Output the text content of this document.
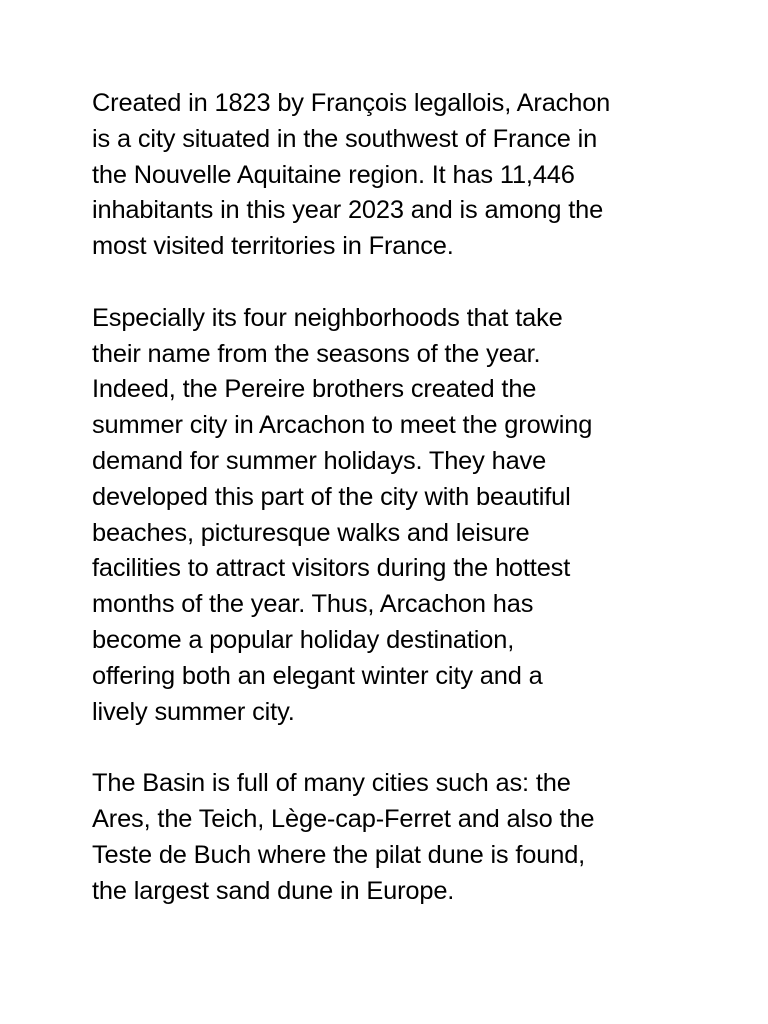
Created in 1823 by François legallois, Arachon
is a city situated in the southwest of France in
the Nouvelle Aquitaine region. It has 11,446
inhabitants in this year 2023 and is among the
most visited territories in France.

Especially its four neighborhoods that take
their name from the seasons of the year.
Indeed, the Pereire brothers created the
summer city in Arcachon to meet the growing
demand for summer holidays. They have
developed this part of the city with beautiful
beaches, picturesque walks and leisure
facilities to attract visitors during the hottest
months of the year. Thus, Arcachon has
become a popular holiday destination,
offering both an elegant winter city and a
lively summer city.

The Basin is full of many cities such as: the
Ares, the Teich, Lège-cap-Ferret and also the
Teste de Buch where the pilat dune is found,
the largest sand dune in Europe.
